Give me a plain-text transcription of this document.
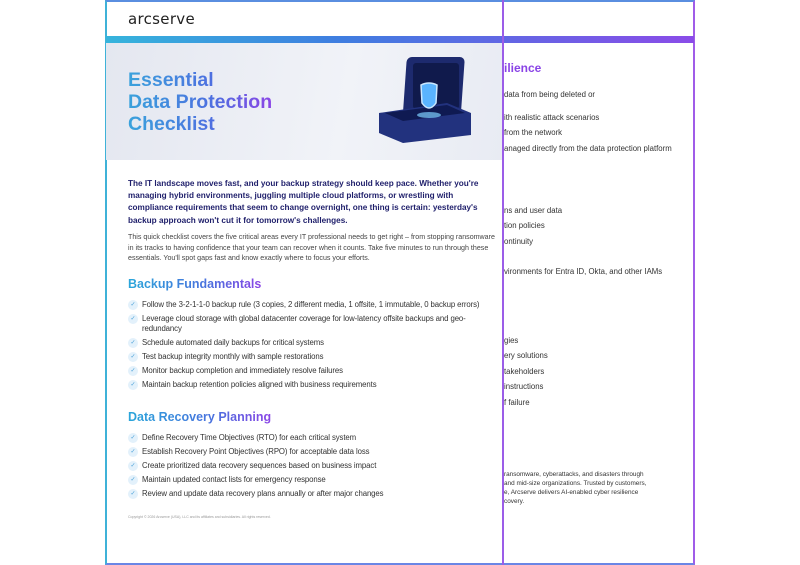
arcserve
Essential
Data Protection
Checklist
The IT landscape moves fast, and your backup strategy should keep pace. Whether you're managing hybrid environments, juggling multiple cloud platforms, or wrestling with compliance requirements that seem to change overnight, one thing is certain: yesterday's backup approach won't cut it for tomorrow's challenges.
This quick checklist covers the five critical areas every IT professional needs to get right – from stopping ransomware in its tracks to having confidence that your team can recover when it counts. Take five minutes to run through these essentials. You'll spot gaps fast and know exactly where to focus your efforts.
Backup Fundamentals
✓ Follow the 3-2-1-1-0 backup rule (3 copies, 2 different media, 1 offsite, 1 immutable, 0 backup errors)
✓ Leverage cloud storage with global datacenter coverage for low-latency offsite backups and geo-redundancy
✓ Schedule automated daily backups for critical systems
✓ Test backup integrity monthly with sample restorations
✓ Monitor backup completion and immediately resolve failures
✓ Maintain backup retention policies aligned with business requirements
Data Recovery Planning
✓ Define Recovery Time Objectives (RTO) for each critical system
✓ Establish Recovery Point Objectives (RPO) for acceptable data loss
✓ Create prioritized data recovery sequences based on business impact
✓ Maintain updated contact lists for emergency response
✓ Review and update data recovery plans annually or after major changes
Copyright © 2026 Arcserve (USA), LLC and its affiliates and subsidiaries. All rights reserved.
ilience
data from being deleted or
ith realistic attack scenarios
from the network
anaged directly from the data protection platform
ns and user data
tion policies
ontinuity
vironments for Entra ID, Okta, and other IAMs
gies
ery solutions
takeholders
instructions
f failure
ransomware, cyberattacks, and disasters through
and mid-size organizations. Trusted by customers,
e, Arcserve delivers AI-enabled cyber resilience
covery.
